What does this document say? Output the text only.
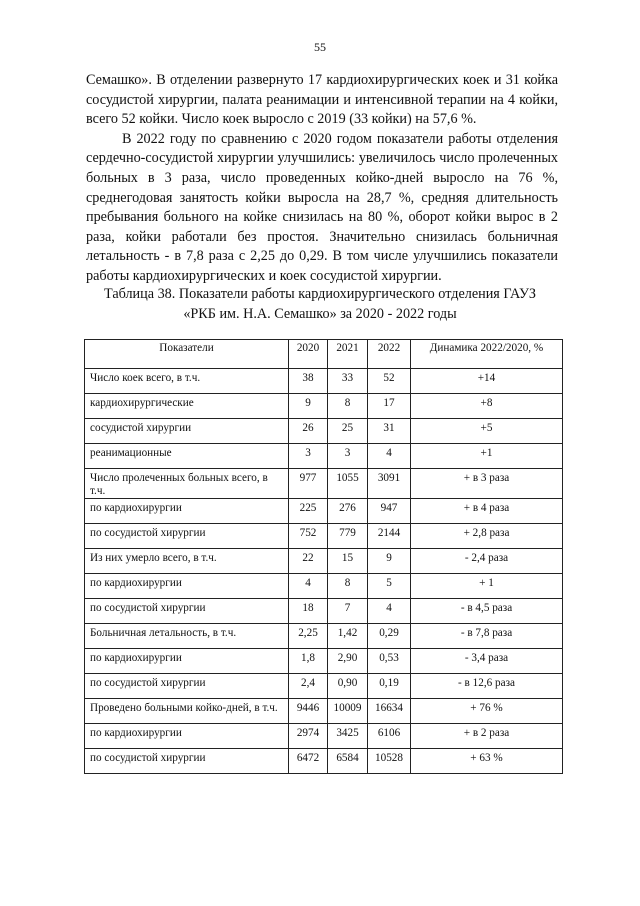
55

Семашко». В отделении развернуто 17 кардиохирургических коек и 31 койка сосудистой хирургии, палата реанимации и интенсивной терапии на 4 койки, всего 52 койки. Число коек выросло с 2019 (33 койки) на 57,6 %.

В 2022 году по сравнению с 2020 годом показатели работы отделения сердечно-сосудистой хирургии улучшились: увеличилось число пролеченных больных в 3 раза, число проведенных койко-дней выросло на 76 %, среднегодовая занятость койки выросла на 28,7 %, средняя длительность пребывания больного на койке снизилась на 80 %, оборот койки вырос в 2 раза, койки работали без простоя. Значительно снизилась больничная летальность - в 7,8 раза с 2,25 до 0,29. В том числе улучшились показатели работы кардиохирургических и коек сосудистой хирургии.

Таблица 38. Показатели работы кардиохирургического отделения ГАУЗ
«РКБ им. Н.А. Семашко» за 2020 - 2022 годы
Показатели	2020	2021	2022	Динамика 2022/2020, %
Число коек всего, в т.ч.	38	33	52	+14
кардиохирургические	9	8	17	+8
сосудистой хирургии	26	25	31	+5
реанимационные	3	3	4	+1
Число пролеченных больных всего, в т.ч.	977	1055	3091	+ в 3 раза
по кардиохирургии	225	276	947	+ в 4 раза
по сосудистой хирургии	752	779	2144	+ 2,8 раза
Из них умерло всего, в т.ч.	22	15	9	- 2,4 раза
по кардиохирургии	4	8	5	+ 1
по сосудистой хирургии	18	7	4	- в 4,5 раза
Больничная летальность, в т.ч.	2,25	1,42	0,29	- в 7,8 раза
по кардиохирургии	1,8	2,90	0,53	- 3,4 раза
по сосудистой хирургии	2,4	0,90	0,19	- в 12,6 раза
Проведено больными койко-дней, в т.ч.	9446	10009	16634	+ 76 %
по кардиохирургии	2974	3425	6106	+ в 2 раза
по сосудистой хирургии	6472	6584	10528	+ 63 %
